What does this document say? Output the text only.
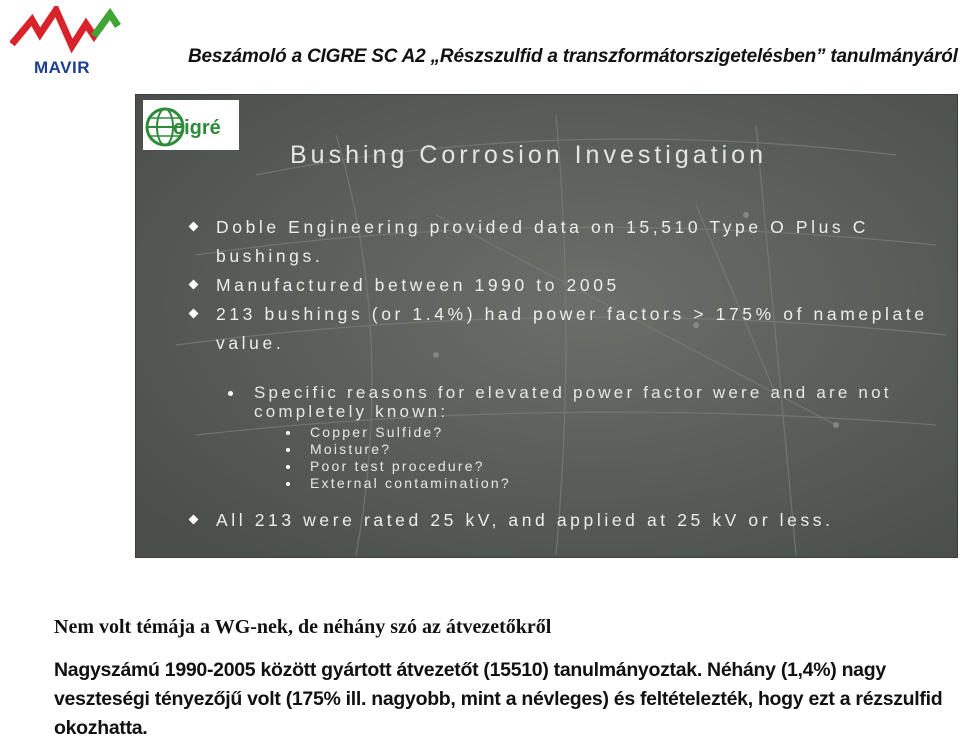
MAVIR
Beszámoló a CIGRE SC A2 „Részszulfid a transzformátorszigetelésben” tanulmányáról
cigré
Bushing Corrosion Investigation
Doble Engineering provided data on 15,510 Type O Plus C bushings.
Manufactured between 1990 to 2005
213 bushings (or 1.4%) had power factors > 175% of nameplate value.
Specific reasons for elevated power factor were and are not completely known:
Copper Sulfide?
Moisture?
Poor test procedure?
External contamination?
All 213 were rated 25 kV, and applied at 25 kV or less.
Nem volt témája a WG-nek, de néhány szó az átvezetőkről
Nagyszámú 1990-2005 között gyártott átvezetőt (15510) tanulmányoztak. Néhány (1,4%) nagy veszteségi tényezőjű volt (175% ill. nagyobb, mint a névleges) és feltételezték, hogy ezt a rézszulfid okozhatta.
